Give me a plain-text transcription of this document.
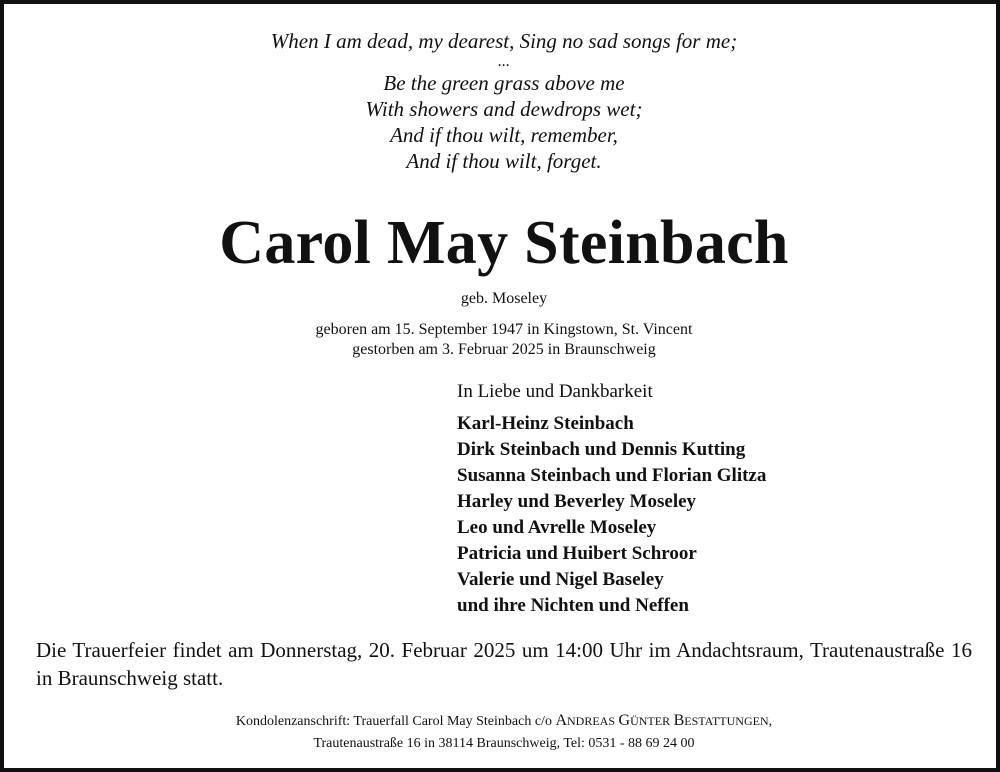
When I am dead, my dearest, Sing no sad songs for me;
...
Be the green grass above me
With showers and dewdrops wet;
And if thou wilt, remember,
And if thou wilt, forget.
Carol May Steinbach
geb. Moseley
geboren am 15. September 1947 in Kingstown, St. Vincent
gestorben am 3. Februar 2025 in Braunschweig
In Liebe und Dankbarkeit
Karl-Heinz Steinbach
Dirk Steinbach und Dennis Kutting
Susanna Steinbach und Florian Glitza
Harley und Beverley Moseley
Leo und Avrelle Moseley
Patricia und Huibert Schroor
Valerie und Nigel Baseley
und ihre Nichten und Neffen
Die Trauerfeier findet am Donnerstag, 20. Februar 2025 um 14:00 Uhr im Andachtsraum, Trautenaustraße 16 in Braunschweig statt.
Kondolenzanschrift: Trauerfall Carol May Steinbach c/o ANDREAS GÜNTER BESTATTUNGEN,
Trautenaustraße 16 in 38114 Braunschweig, Tel: 0531 - 88 69 24 00
